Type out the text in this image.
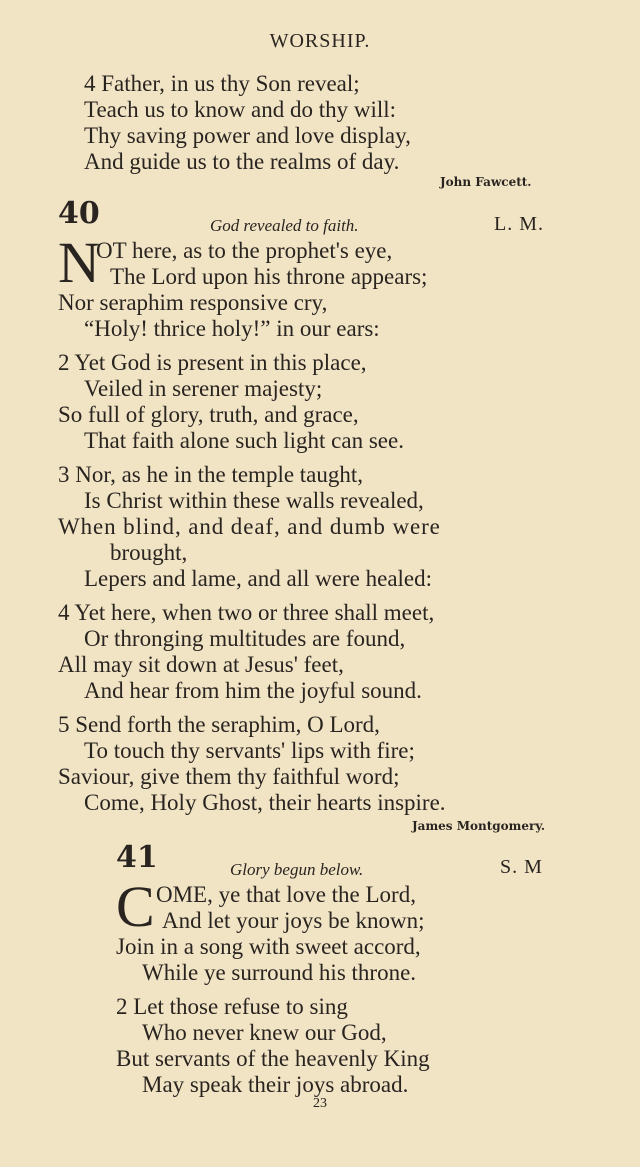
WORSHIP.
4 Father, in us thy Son reveal;
Teach us to know and do thy will:
Thy saving power and love display,
And guide us to the realms of day.
John Fawcett.
40	God revealed to faith.	L. M.
N
OT here, as to the prophet's eye,
The Lord upon his throne appears;
Nor seraphim responsive cry,
“Holy! thrice holy!” in our ears:
2 Yet God is present in this place,
Veiled in serener majesty;
So full of glory, truth, and grace,
That faith alone such light can see.
3 Nor, as he in the temple taught,
Is Christ within these walls revealed,
When blind, and deaf, and dumb were
brought,
Lepers and lame, and all were healed:
4 Yet here, when two or three shall meet,
Or thronging multitudes are found,
All may sit down at Jesus' feet,
And hear from him the joyful sound.
5 Send forth the seraphim, O Lord,
To touch thy servants' lips with fire;
Saviour, give them thy faithful word;
Come, Holy Ghost, their hearts inspire.
James Montgomery.
41	Glory begun below.	S. M
C OME, ye that love the Lord,
And let your joys be known;
Join in a song with sweet accord,
While ye surround his throne.
2 Let those refuse to sing
Who never knew our God,
But servants of the heavenly King
May speak their joys abroad.
23
